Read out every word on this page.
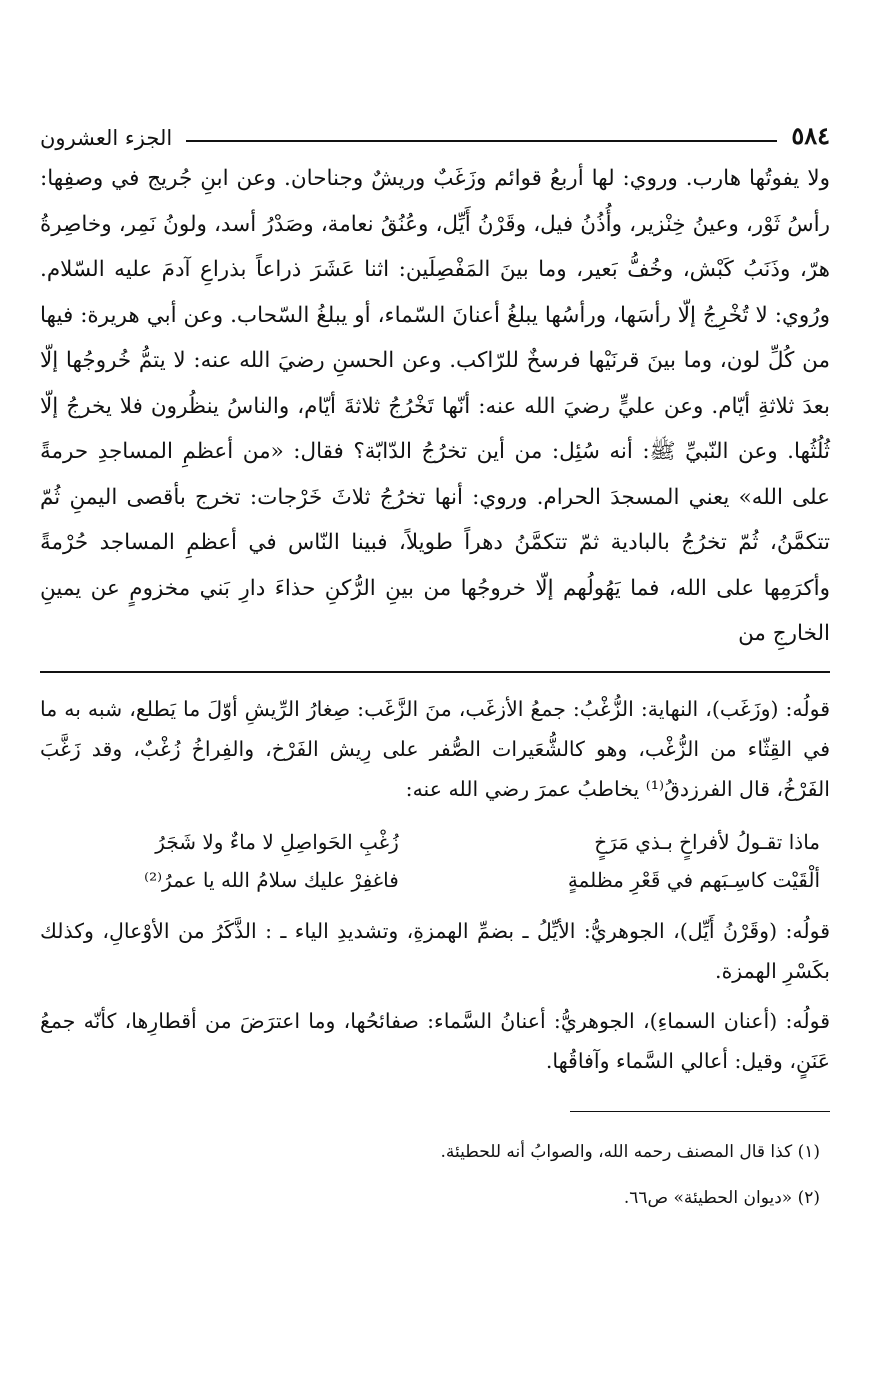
٥٨٤
الجزء العشرون

ولا يفوتُها هارب. وروي: لها أربعُ قوائم وزَغَبٌ وريشٌ وجناحان. وعن ابنِ جُريج في وصفِها: رأسُ ثَوْر، وعينُ خِنْزير، وأُذُنُ فيل، وقَرْنُ أَيِّل، وعُنُقُ نعامة، وصَدْرُ أسد، ولونُ نَمِر، وخاصِرةُ هرّ، وذَنَبُ كَبْش، وخُفُّ بَعير، وما بينَ المَفْصِلَين: اثنا عَشَرَ ذراعاً بذراعِ آدمَ عليه السّلام. ورُوي: لا تُخْرِجُ إلّا رأسَها، ورأسُها يبلغُ أعنانَ السّماء، أو يبلغُ السّحاب. وعن أبي هريرة: فيها من كُلِّ لون، وما بينَ قرنَيْها فرسخٌ للرّاكب. وعن الحسنِ رضيَ الله عنه: لا يتمُّ خُروجُها إلّا بعدَ ثلاثةِ أيّام. وعن عليٍّ رضيَ الله عنه: أنّها تَخْرُجُ ثلاثةَ أيّام، والناسُ ينظُرون فلا يخرجُ إلّا ثُلُثُها. وعن النّبيِّ ﷺ: أنه سُئِل: من أين تخرُجُ الدّابّة؟ فقال: «من أعظمِ المساجدِ حرمةً على الله» يعني المسجدَ الحرام. وروي: أنها تخرُجُ ثلاثَ خَرْجات: تخرج بأقصى اليمنِ ثُمّ تتكمَّنُ، ثُمّ تخرُجُ بالبادية ثمّ تتكمَّنُ دهراً طويلاً، فبينا النّاس في أعظمِ المساجد حُرْمةً وأكرَمِها على الله، فما يَهُولُهم إلّا خروجُها من بينِ الرُّكنِ حذاءَ دارِ بَني مخزومٍ عن يمينِ الخارجِ من

قولُه: (وزَغَب)، النهاية: الزُّغْبُ: جمعُ الأزغَب، منَ الزَّغَب: صِغارُ الرِّيشِ أوّلَ ما يَطلع، شبه به ما في القِثّاء من الزُّغْب، وهو كالشُّعَيرات الصُّفر على رِيش الفَرْخ، والفِراخُ زُغْبٌ، وقد زَغَّبَ الفَرْخُ، قال الفرزدقُ⁽¹⁾ يخاطبُ عمرَ رضي الله عنه:

ماذا تقـولُ لأفراخٍ بـذي مَرَخٍ
زُغْبِ الحَواصِلِ لا ماءٌ ولا شَجَرُ
ألْقَيْت كاسِـبَهم في قَعْرِ مظلمةٍ
فاغفِرْ عليك سلامُ الله يا عمرُ⁽²⁾

قولُه: (وقَرْنُ أَيِّل)، الجوهريُّ: الأيِّلُ ـ بضمِّ الهمزةِ، وتشديدِ الياء ـ : الذَّكَرُ من الأوْعالِ، وكذلك بكَسْرِ الهمزة.

قولُه: (أعنان السماءِ)، الجوهريُّ: أعنانُ السَّماء: صفائحُها، وما اعترَضَ من أقطارِها، كأنّه جمعُ عَنَنٍ، وقيل: أعالي السَّماء وآفاقُها.

(١) كذا قال المصنف رحمه الله، والصوابُ أنه للحطيئة.
(٢) «ديوان الحطيئة» ص٦٦.
